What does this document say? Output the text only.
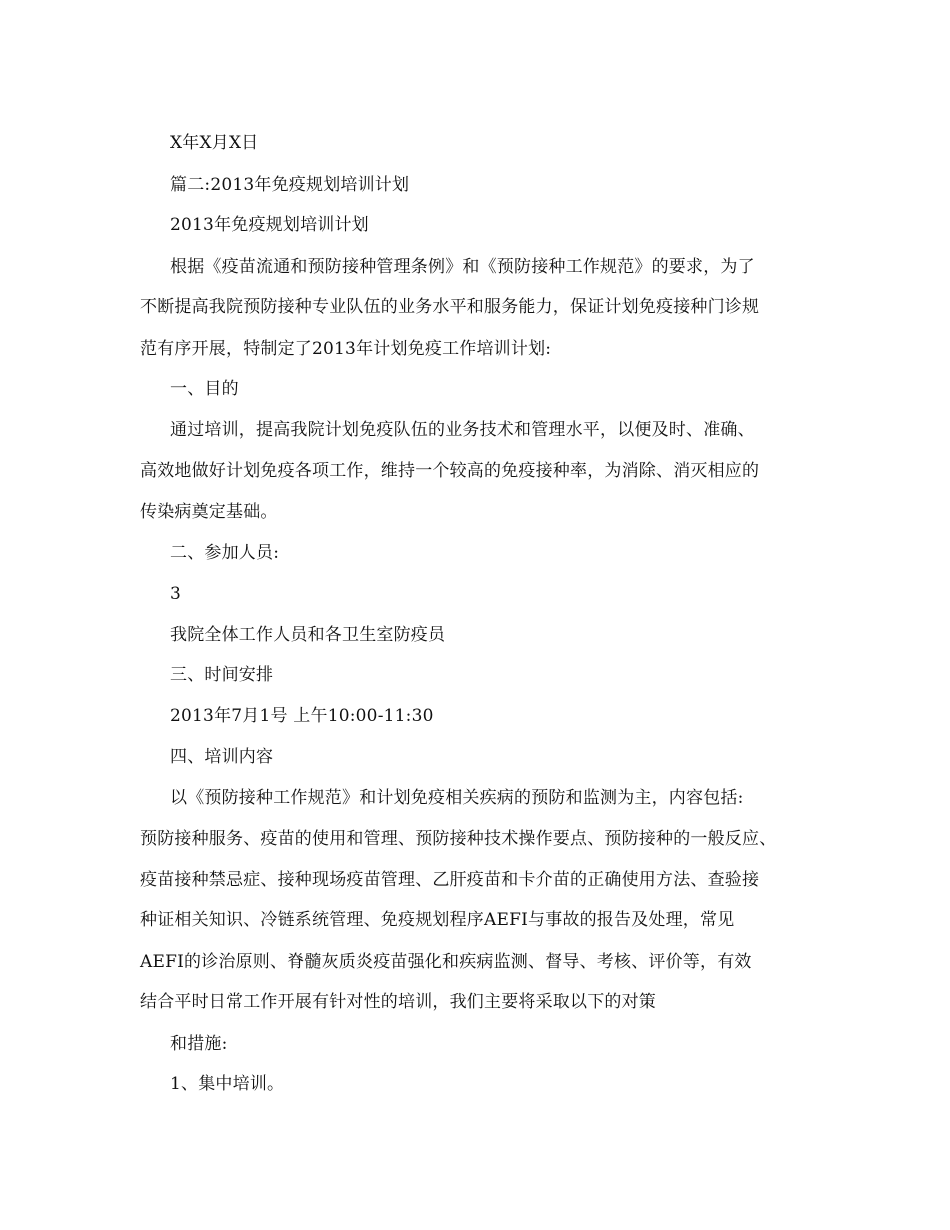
X年X月X日

篇二:2013年免疫规划培训计划

2013年免疫规划培训计划

根据《疫苗流通和预防接种管理条例》和《预防接种工作规范》的要求，为了

不断提高我院预防接种专业队伍的业务水平和服务能力，保证计划免疫接种门诊规

范有序开展，特制定了2013年计划免疫工作培训计划:

一、目的

通过培训，提高我院计划免疫队伍的业务技术和管理水平，以便及时、准确、

高效地做好计划免疫各项工作，维持一个较高的免疫接种率，为消除、消灭相应的

传染病奠定基础。

二、参加人员:

3

我院全体工作人员和各卫生室防疫员

三、时间安排

2013年7月1号 上午10:00-11:30

四、培训内容

以《预防接种工作规范》和计划免疫相关疾病的预防和监测为主，内容包括:

预防接种服务、疫苗的使用和管理、预防接种技术操作要点、预防接种的一般反应、

疫苗接种禁忌症、接种现场疫苗管理、乙肝疫苗和卡介苗的正确使用方法、查验接

种证相关知识、冷链系统管理、免疫规划程序AEFI与事故的报告及处理，常见

AEFI的诊治原则、脊髓灰质炎疫苗强化和疾病监测、督导、考核、评价等，有效

结合平时日常工作开展有针对性的培训，我们主要将采取以下的对策

和措施:

1、集中培训。
